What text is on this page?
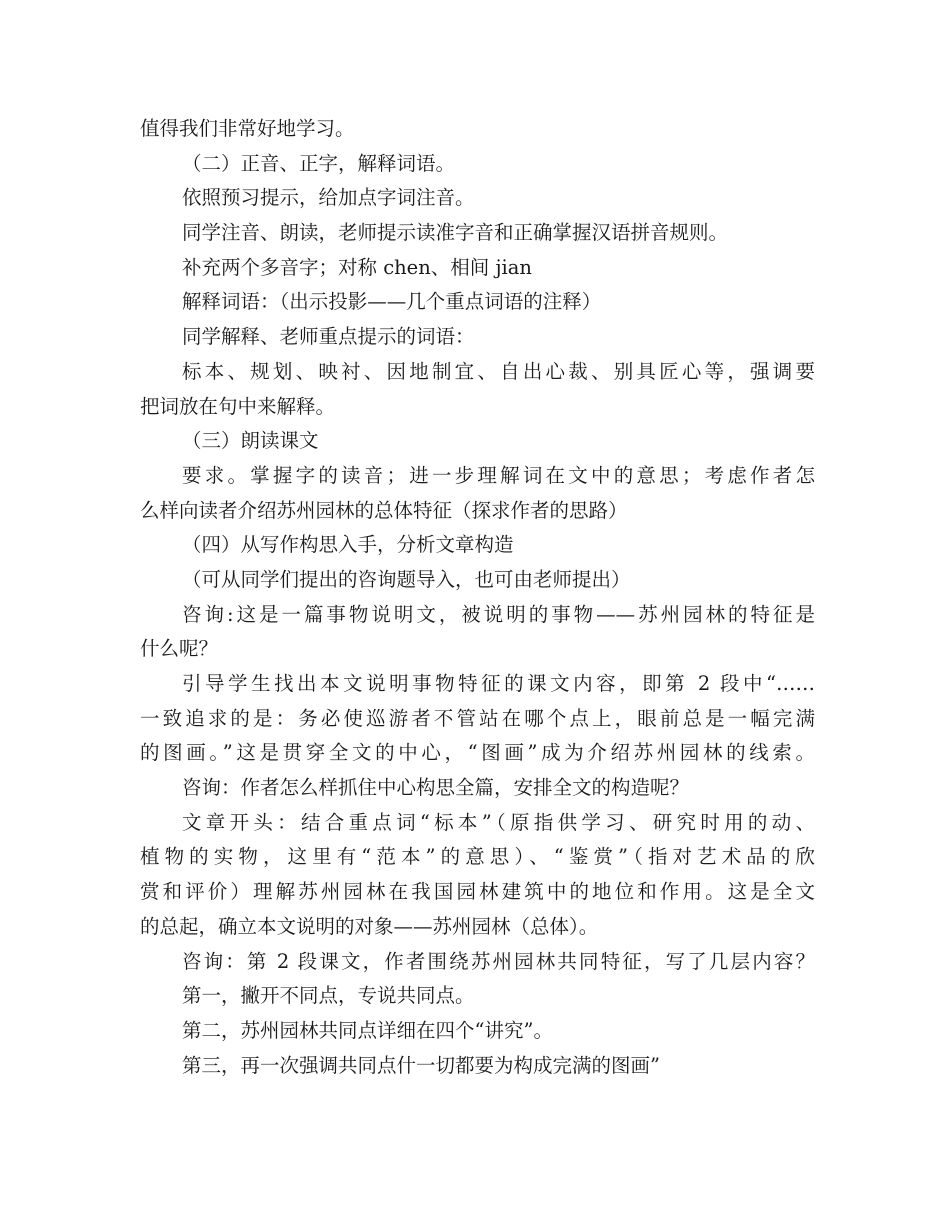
值得我们非常好地学习。
（二）正音、正字，解释词语。
依照预习提示，给加点字词注音。
同学注音、朗读，老师提示读准字音和正确掌握汉语拼音规则。
补充两个多音字；对称 chen、相间 jian
解释词语：（出示投影——几个重点词语的注释）
同学解释、老师重点提示的词语：
标本、规划、映衬、因地制宜、自出心裁、别具匠心等，强调要
把词放在句中来解释。
（三）朗读课文
要求。掌握字的读音；进一步理解词在文中的意思；考虑作者怎
么样向读者介绍苏州园林的总体特征（探求作者的思路）
（四）从写作构思入手，分析文章构造
（可从同学们提出的咨询题导入，也可由老师提出）
咨询:这是一篇事物说明文，被说明的事物——苏州园林的特征是
什么呢？
引导学生找出本文说明事物特征的课文内容，即第 2 段中“……
一致追求的是：务必使巡游者不管站在哪个点上，眼前总是一幅完满
的图画。”这是贯穿全文的中心，“图画”成为介绍苏州园林的线索。
咨询：作者怎么样抓住中心构思全篇，安排全文的构造呢？
文章开头：结合重点词“标本”（原指供学习、研究时用的动、
植物的实物，这里有“范本”的意思）、“鉴赏”（指对艺术品的欣
赏和评价）理解苏州园林在我国园林建筑中的地位和作用。这是全文
的总起，确立本文说明的对象——苏州园林（总体）。
咨询：第 2 段课文，作者围绕苏州园林共同特征，写了几层内容？
第一，撇开不同点，专说共同点。
第二，苏州园林共同点详细在四个“讲究”。
第三，再一次强调共同点什一切都要为构成完满的图画”
